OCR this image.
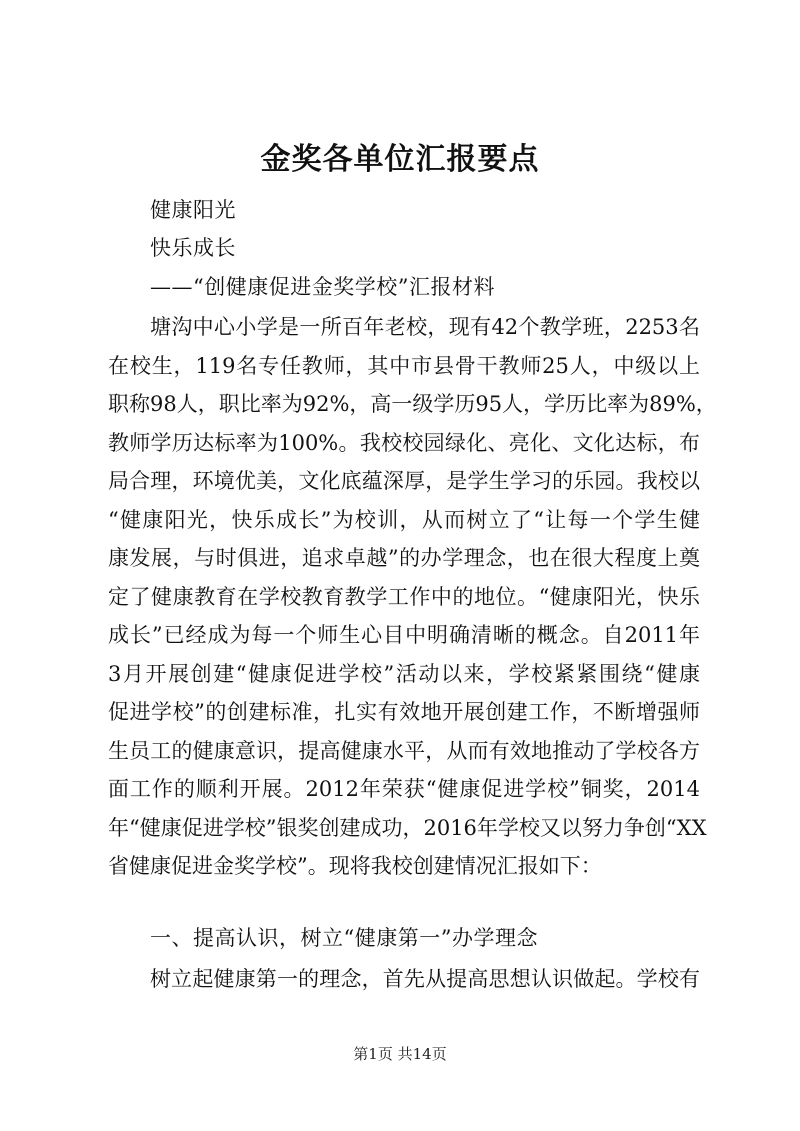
金奖各单位汇报要点
健康阳光
快乐成长
——“创健康促进金奖学校”汇报材料
塘沟中心小学是一所百年老校，现有42个教学班，2253名
在校生，119名专任教师，其中市县骨干教师25人，中级以上
职称98人，职比率为92%，高一级学历95人，学历比率为89%，
教师学历达标率为100%。我校校园绿化、亮化、文化达标，布
局合理，环境优美，文化底蕴深厚，是学生学习的乐园。我校以
“健康阳光，快乐成长”为校训，从而树立了“让每一个学生健
康发展，与时俱进，追求卓越”的办学理念，也在很大程度上奠
定了健康教育在学校教育教学工作中的地位。“健康阳光，快乐
成长”已经成为每一个师生心目中明确清晰的概念。自2011年
3月开展创建“健康促进学校”活动以来，学校紧紧围绕“健康
促进学校”的创建标准，扎实有效地开展创建工作，不断增强师
生员工的健康意识，提高健康水平，从而有效地推动了学校各方
面工作的顺利开展。2012年荣获“健康促进学校”铜奖，2014
年“健康促进学校”银奖创建成功，2016年学校又以努力争创“XX
省健康促进金奖学校”。现将我校创建情况汇报如下：
一、提高认识，树立“健康第一”办学理念
树立起健康第一的理念，首先从提高思想认识做起。学校有
第1页 共14页
